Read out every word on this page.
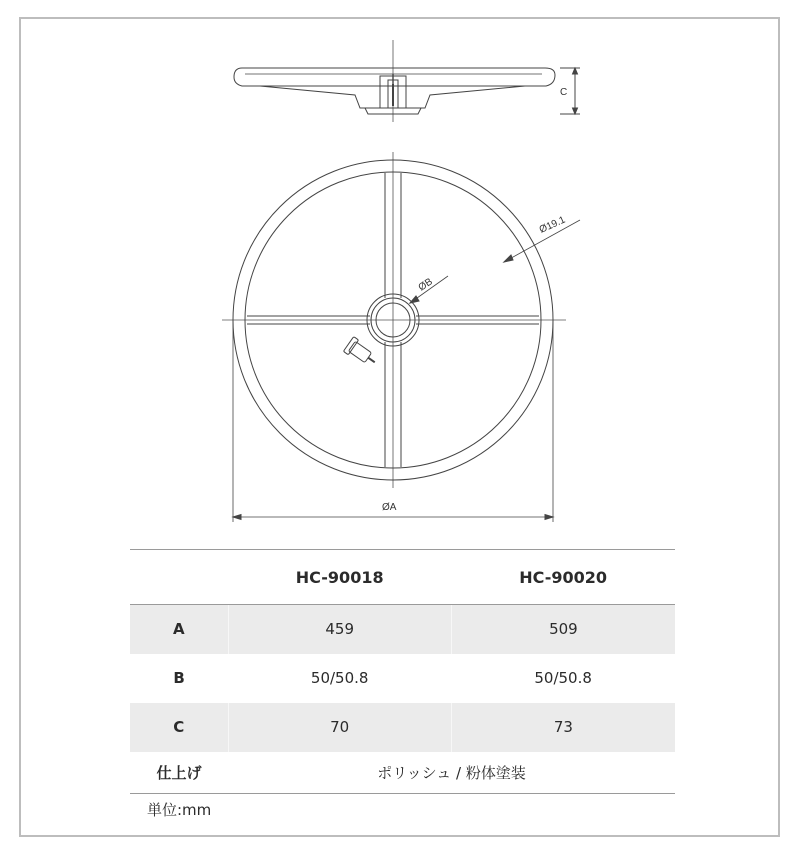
C
Ø19.1
ØB
ØA
	HC-90018	HC-90020
A	459	509
B	50/50.8	50/50.8
C	70	73
仕上げ	ポリッシュ / 粉体塗装	
単位:mm
